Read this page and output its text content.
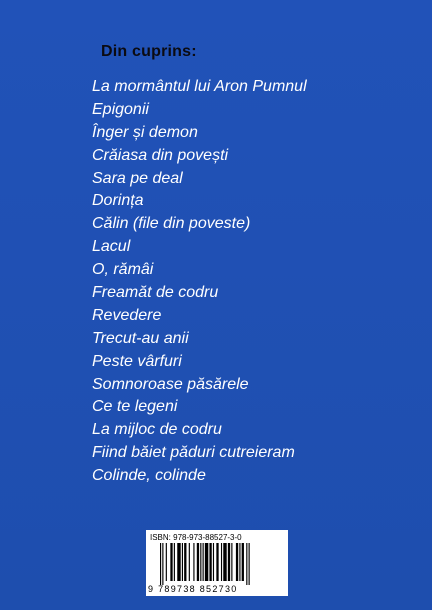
Din cuprins:
La mormântul lui Aron Pumnul
Epigonii
Înger și demon
Crăiasa din povești
Sara pe deal
Dorința
Călin (file din poveste)
Lacul
O, rămâi
Freamăt de codru
Revedere
Trecut-au anii
Peste vârfuri
Somnoroase păsărele
Ce te legeni
La mijloc de codru
Fiind băiet păduri cutreieram
Colinde, colinde
ISBN: 978-973-88527-3-0
9 789738 852730
